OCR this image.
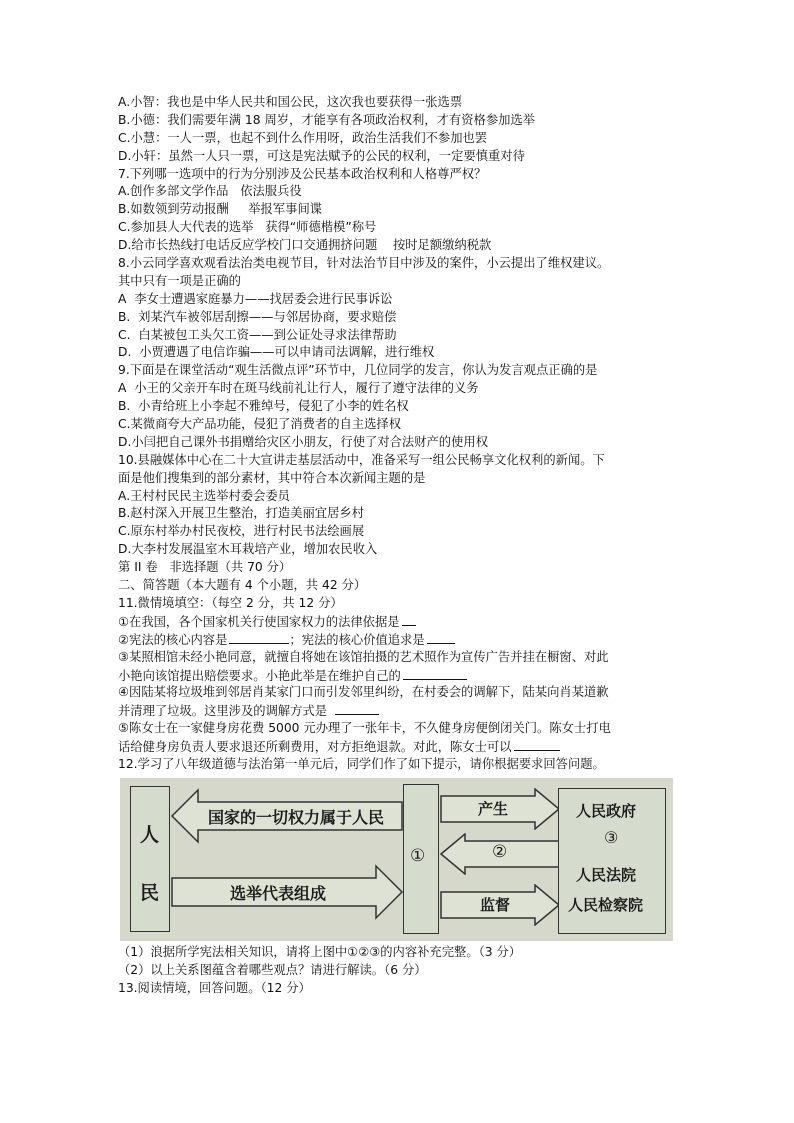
A.小智：我也是中华人民共和国公民，这次我也要获得一张选票

B.小德：我们需要年满 18 周岁，才能享有各项政治权利，才有资格参加选举

C.小慧：一人一票，也起不到什么作用呀，政治生活我们不参加也罢

D.小轩：虽然一人只一票，可这是宪法赋予的公民的权利，一定要慎重对待

7.下列哪一选项中的行为分别涉及公民基本政治权利和人格尊严权？

A.创作多部文学作品   依法服兵役

B.如数领到劳动报酬     举报军事间谍

C.参加县人大代表的选举   获得“师德楷模”称号

D.给市长热线打电话反应学校门口交通拥挤问题    按时足额缴纳税款

8.小云同学喜欢观看法治类电视节目，针对法治节目中涉及的案件，小云提出了维权建议。

其中只有一项是正确的

A  李女士遭遇家庭暴力——找居委会进行民事诉讼

B.  刘某汽车被邻居刮擦——与邻居协商，要求赔偿

C.  白某被包工头欠工资——到公证处寻求法律帮助

D.  小贾遭遇了电信诈骗——可以申请司法调解，进行维权

9.下面是在课堂活动“观生活微点评”环节中，几位同学的发言，你认为发言观点正确的是

A  小王的父亲开车时在斑马线前礼让行人，履行了遵守法律的义务

B.  小青给班上小李起不雅绰号，侵犯了小李的姓名权

C.某微商夸大产品功能，侵犯了消费者的自主选择权

D.小闫把自己课外书捐赠给灾区小朋友，行使了对合法财产的使用权

10.县融媒体中心在二十大宣讲走基层活动中，准备采写一组公民畅享文化权利的新闻。下

面是他们搜集到的部分素材，其中符合本次新闻主题的是

A.王村村民民主选举村委会委员

B.赵村深入开展卫生整治，打造美丽宜居乡村

C.原东村举办村民夜校，进行村民书法绘画展

D.大李村发展温室木耳栽培产业，增加农民收入

第 II 卷   非选择题（共 70 分）

二、简答题（本大题有 4 个小题，共 42 分）

11.微情境填空：（每空 2 分，共 12 分）

①在我国，各个国家机关行使国家权力的法律依据是

②宪法的核心内容是	；宪法的核心价值追求是

③某照相馆未经小艳同意，就擅自将她在该馆拍摄的艺术照作为宣传广告并挂在橱窗、对此

小艳向该馆提出赔偿要求。小艳此举是在维护自己的

④因陆某将垃圾堆到邻居肖某家门口而引发邻里纠纷，在村委会的调解下，陆某向肖某道歉

并清理了垃圾。这里涉及的调解方式是

⑤陈女士在一家健身房花费 5000 元办理了一张年卡，不久健身房便倒闭关门。陈女士打电

话给健身房负责人要求退还所剩费用，对方拒绝退款。对此，陈女士可以

12.学习了八年级道德与法治第一单元后，同学们作了如下提示，请你根据要求回答问题。

人
民
国家的一切权力属于人民
选举代表组成
①
产生
②
监督
人民政府
③
人民法院
人民检察院

（1）浪据所学宪法相关知识，请将上图中①②③的内容补充完整。（3 分）

（2）以上关系图蕴含着哪些观点？请进行解读。（6 分）

13.阅读情境，回答问题。（12 分）
